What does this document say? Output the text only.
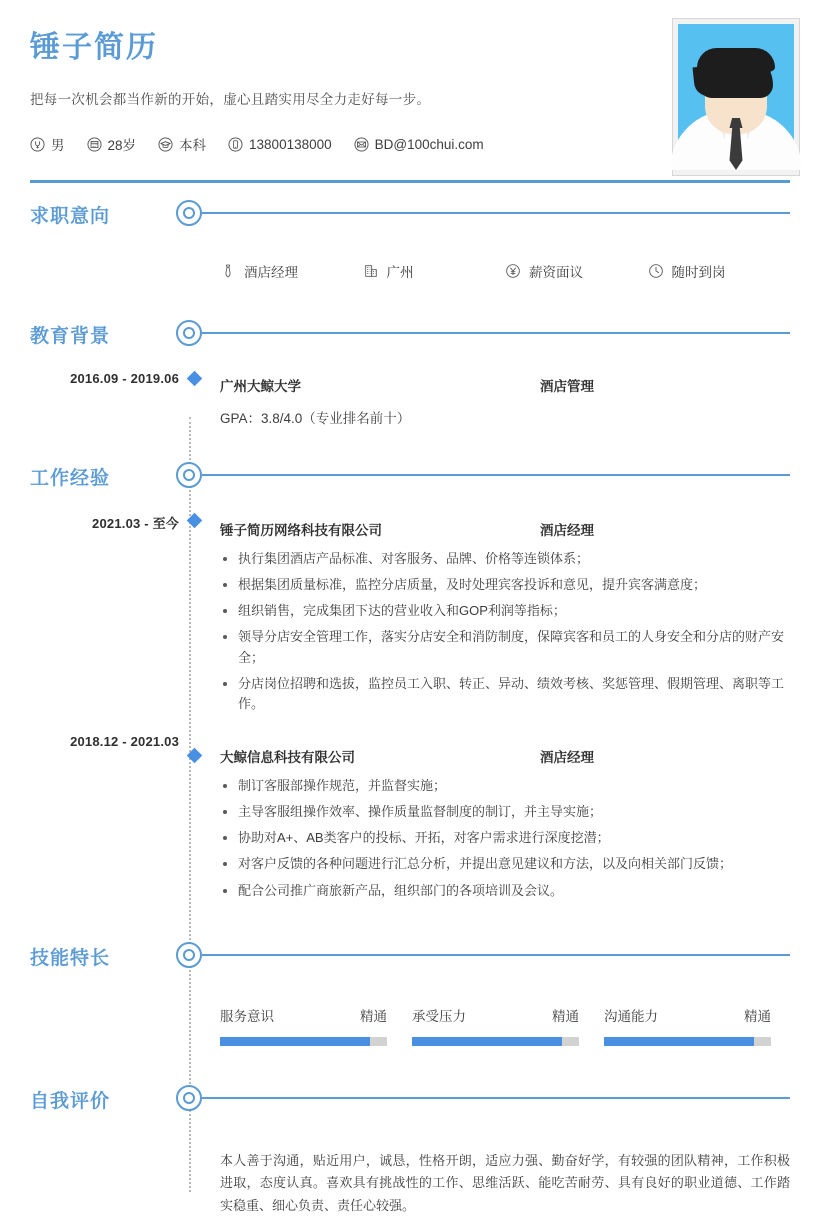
锤子简历
把每一次机会都当作新的开始，虚心且踏实用尽全力走好每一步。
男	28岁	本科	13800138000	BD@100chui.com
求职意向
酒店经理	广州	薪资面议	随时到岗
教育背景
2016.09 - 2019.06
广州大鲸大学	酒店管理
GPA：3.8/4.0（专业排名前十）
工作经验
2021.03 - 至今	锤子简历网络科技有限公司	酒店经理
执行集团酒店产品标准、对客服务、品牌、价格等连锁体系；
根据集团质量标准，监控分店质量，及时处理宾客投诉和意见，提升宾客满意度；
组织销售，完成集团下达的营业收入和GOP利润等指标；
领导分店安全管理工作，落实分店安全和消防制度，保障宾客和员工的人身安全和分店的财产安全；
分店岗位招聘和选拔，监控员工入职、转正、异动、绩效考核、奖惩管理、假期管理、离职等工作。
2018.12 - 2021.03
大鲸信息科技有限公司	酒店经理
制订客服部操作规范，并监督实施；
主导客服组操作效率、操作质量监督制度的制订，并主导实施；
协助对A+、AB类客户的投标、开拓，对客户需求进行深度挖潜；
对客户反馈的各种问题进行汇总分析，并提出意见建议和方法，以及向相关部门反馈；
配合公司推广商旅新产品，组织部门的各项培训及会议。
技能特长
服务意识	精通 承受压力	精通 沟通能力	精通
自我评价
本人善于沟通，贴近用户，诚恳，性格开朗，适应力强、勤奋好学，有较强的团队精神，工作积极进取，态度认真。喜欢具有挑战性的工作、思维活跃、能吃苦耐劳、具有良好的职业道德、工作踏实稳重、细心负责、责任心较强。
